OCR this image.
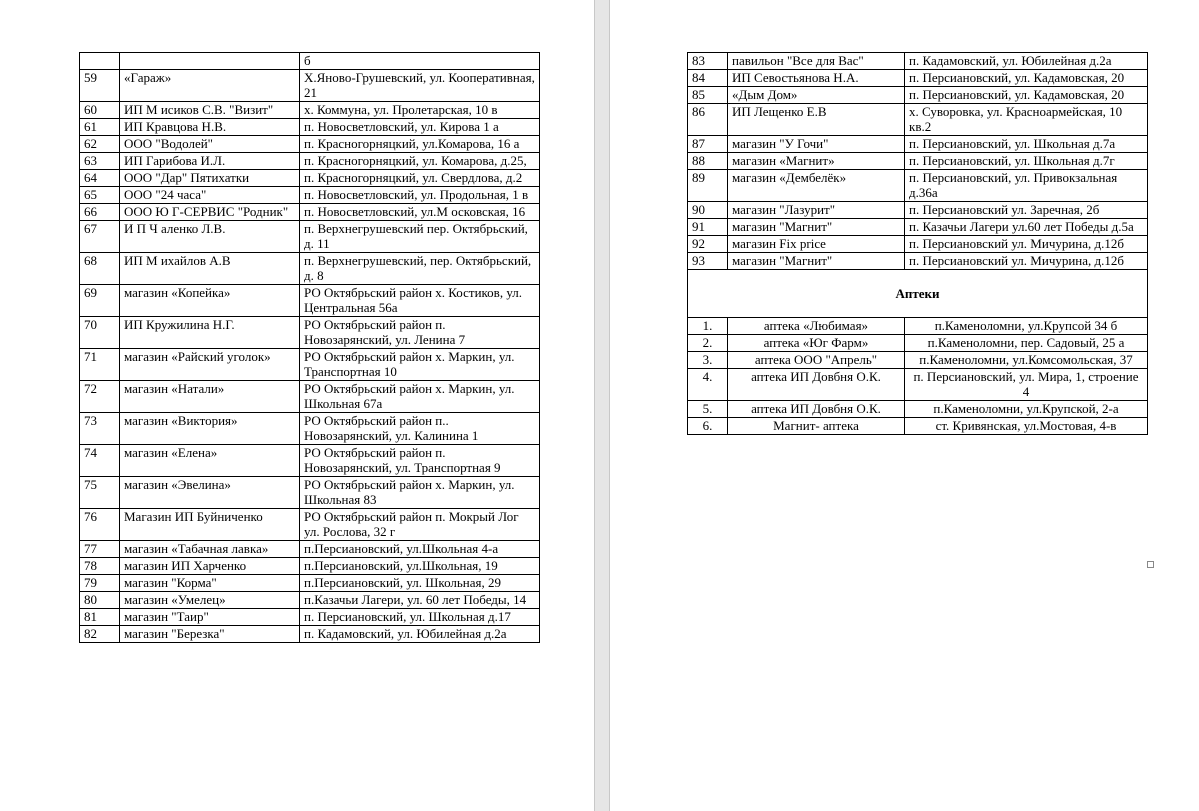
		б
59	«Гараж»	Х.Яново-Грушевский, ул. Кооперативная, 21
60	ИП М исиков С.В. "Визит"	х. Коммуна, ул. Пролетарская, 10 в
61	ИП Кравцова Н.В.	п. Новосветловский, ул. Кирова 1 а
62	ООО "Водолей"	п. Красногорняцкий, ул.Комарова, 16 а
63	ИП Гарибова И.Л.	п. Красногорняцкий, ул. Комарова, д.25,
64	ООО "Дар" Пятихатки	п. Красногорняцкий, ул. Свердлова, д.2
65	ООО "24 часа"	п. Новосветловский, ул. Продольная, 1 в
66	ООО Ю Г-СЕРВИС "Родник"	п. Новосветловский, ул.М осковская, 16
67	И П Ч аленко Л.В.	п. Верхнегрушевский пер. Октябрьский, д. 11
68	ИП М ихайлов А.В	п. Верхнегрушевский, пер. Октябрьский, д. 8
69	магазин «Копейка»	РО Октябрьский район х. Костиков, ул. Центральная 56а
70	ИП Кружилина Н.Г.	РО Октябрьский район п. Новозарянский, ул. Ленина 7
71	магазин «Райский уголок»	РО Октябрьский район х. Маркин, ул. Транспортная 10
72	магазин «Натали»	РО Октябрьский район х. Маркин, ул. Школьная 67а
73	магазин «Виктория»	РО Октябрьский район п.. Новозарянский, ул. Калинина 1
74	магазин «Елена»	РО Октябрьский район п. Новозарянский, ул. Транспортная 9
75	магазин «Эвелина»	РО Октябрьский район х. Маркин, ул. Школьная 83
76	Магазин ИП Буйниченко	РО Октябрьский район п. Мокрый Лог ул. Рослова, 32 г
77	магазин «Табачная лавка»	п.Персиановский, ул.Школьная 4-а
78	магазин ИП Харченко	п.Персиановский, ул.Школьная, 19
79	магазин "Корма"	п.Персиановский, ул. Школьная, 29
80	магазин «Умелец»	п.Казачьи Лагери, ул. 60 лет Победы, 14
81	магазин "Таир"	п. Персиановский, ул. Школьная д.17
82	магазин "Березка"	п. Кадамовский, ул. Юбилейная д.2а
83	павильон "Все для Вас"	п. Кадамовский, ул. Юбилейная д.2а
84	ИП Севостьянова Н.А.	п. Персиановский, ул. Кадамовская, 20
85	«Дым Дом»	п. Персиановский, ул. Кадамовская, 20
86	ИП Лещенко Е.В	х. Суворовка, ул. Красноармейская, 10 кв.2
87	магазин "У Гочи"	п. Персиановский, ул. Школьная д.7а
88	магазин «Магнит»	п. Персиановский, ул. Школьная д.7г
89	магазин «Дембелёк»	п. Персиановский, ул. Привокзальная д.36а
90	магазин "Лазурит"	п. Персиановский ул. Заречная, 2б
91	магазин "Магнит"	п. Казачьи Лагери ул.60 лет Победы д.5а
92	магазин Fix price	п. Персиановский ул. Мичурина, д.12б
93	магазин "Магнит"	п. Персиановский ул. Мичурина, д.12б
Аптеки		
1.	аптека «Любимая»	п.Каменоломни, ул.Крупсой 34 б
2.	аптека «Юг Фарм»	п.Каменоломни, пер. Садовый, 25 а
3.	аптека ООО "Апрель"	п.Каменоломни, ул.Комсомольская, 37
4.	аптека ИП Довбня О.К.	п. Персиановский, ул. Мира, 1, строение 4
5.	аптека ИП Довбня О.К.	п.Каменоломни, ул.Крупской, 2-а
6.	Магнит- аптека	ст. Кривянская, ул.Мостовая, 4-в
